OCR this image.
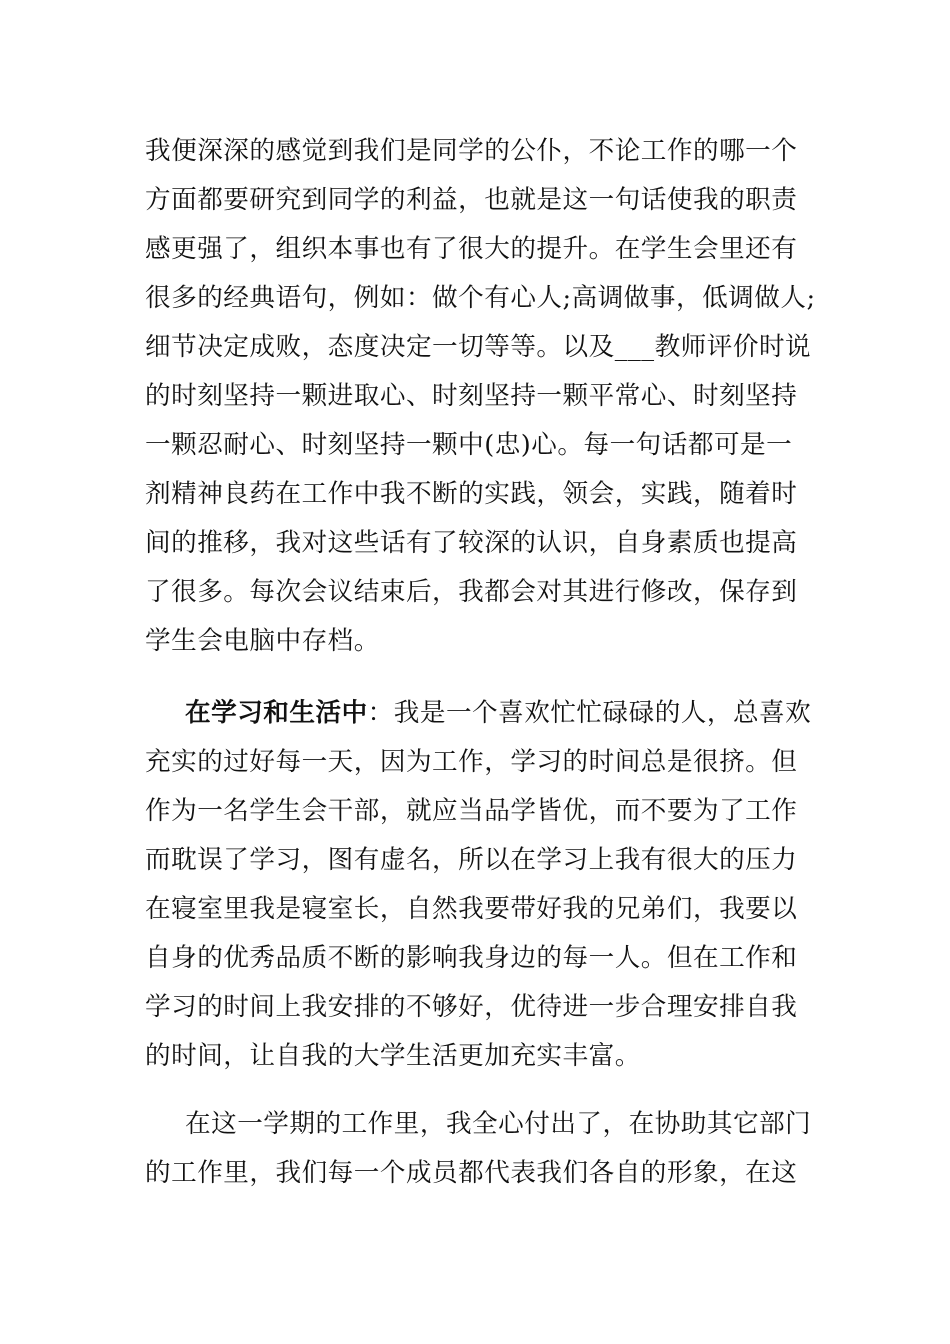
我便深深的感觉到我们是同学的公仆，不论工作的哪一个
方面都要研究到同学的利益，也就是这一句话使我的职责
感更强了，组织本事也有了很大的提升。在学生会里还有
很多的经典语句，例如：做个有心人;高调做事，低调做人;
细节决定成败，态度决定一切等等。以及___教师评价时说
的时刻坚持一颗进取心、时刻坚持一颗平常心、时刻坚持
一颗忍耐心、时刻坚持一颗中(忠)心。每一句话都可是一
剂精神良药在工作中我不断的实践，领会，实践，随着时
间的推移，我对这些话有了较深的认识，自身素质也提高
了很多。每次会议结束后，我都会对其进行修改，保存到
学生会电脑中存档。
在学习和生活中：我是一个喜欢忙忙碌碌的人，总喜欢
充实的过好每一天，因为工作，学习的时间总是很挤。但
作为一名学生会干部，就应当品学皆优，而不要为了工作
而耽误了学习，图有虚名，所以在学习上我有很大的压力
在寝室里我是寝室长，自然我要带好我的兄弟们，我要以
自身的优秀品质不断的影响我身边的每一人。但在工作和
学习的时间上我安排的不够好，优待进一步合理安排自我
的时间，让自我的大学生活更加充实丰富。
在这一学期的工作里，我全心付出了，在协助其它部门
的工作里，我们每一个成员都代表我们各自的形象，在这
